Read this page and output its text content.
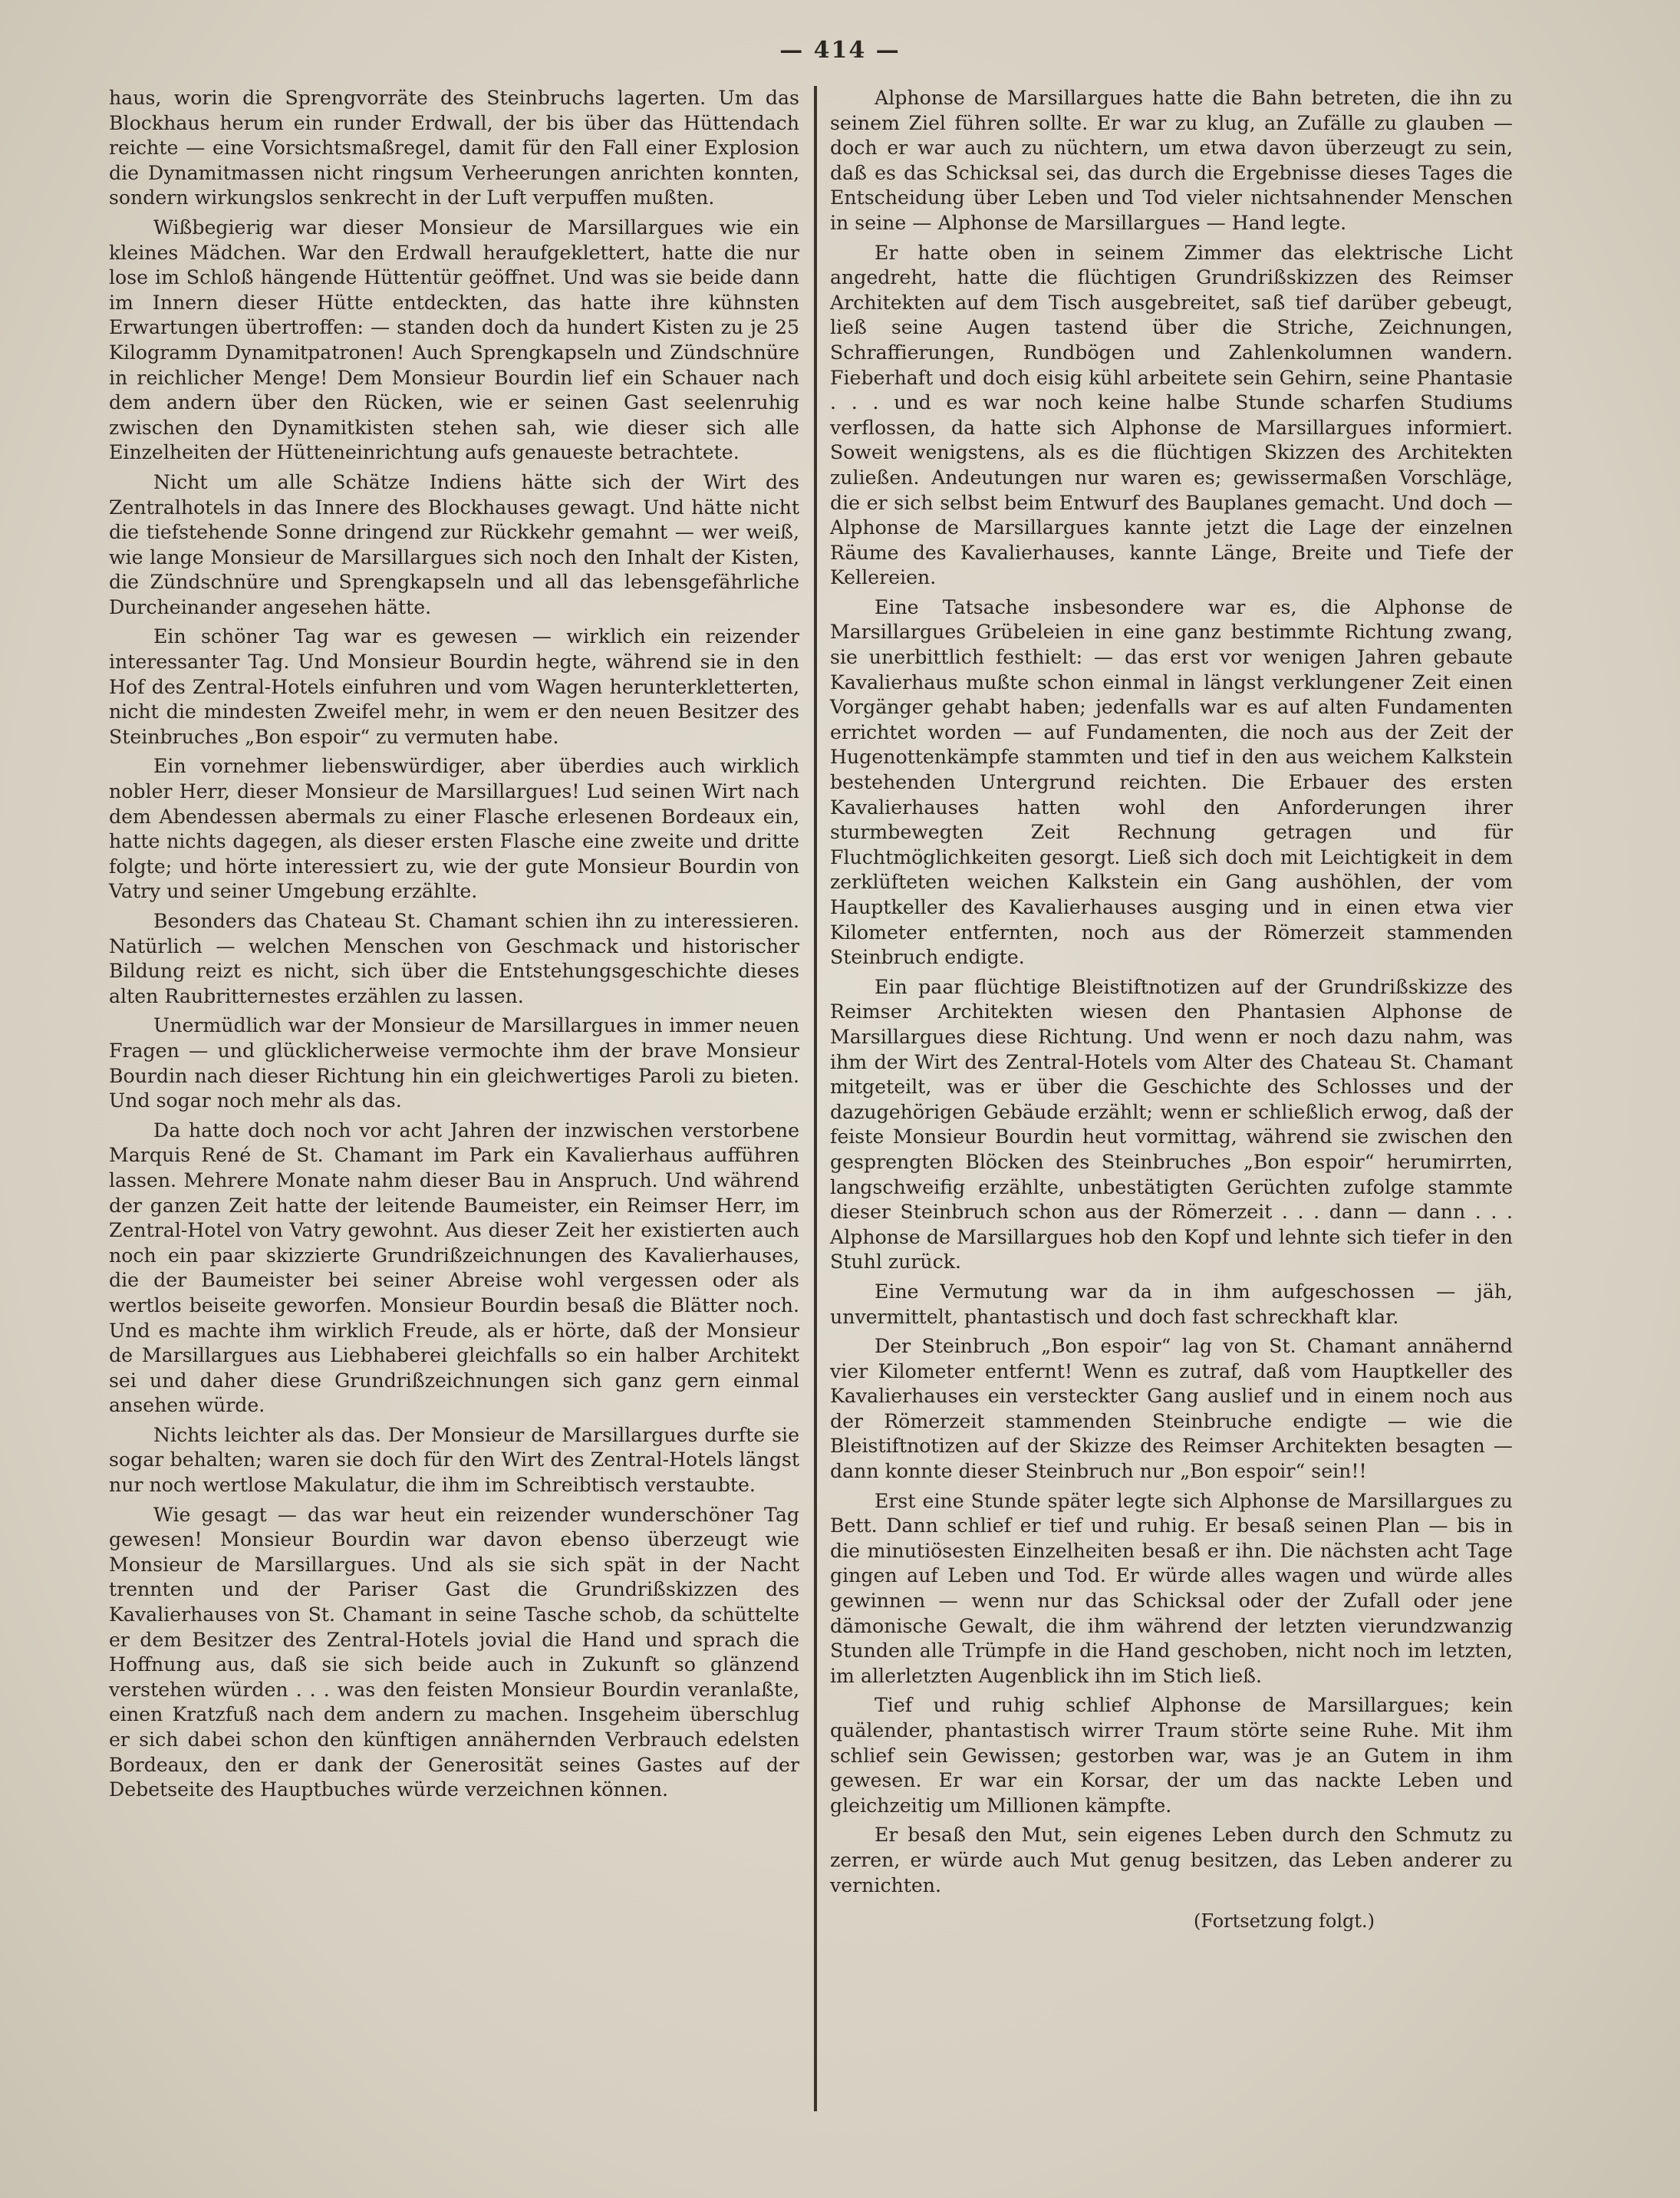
— 414 —

haus, worin die Sprengvorräte des Steinbruchs lagerten. Um das Blockhaus herum ein runder Erdwall, der bis über das Hüttendach reichte — eine Vorsichtsmaßregel, damit für den Fall einer Explosion die Dynamitmassen nicht ringsum Verheerungen anrichten konnten, sondern wirkungslos senkrecht in der Luft verpuffen mußten.

Wißbegierig war dieser Monsieur de Marsillargues wie ein kleines Mädchen. War den Erdwall heraufgeklettert, hatte die nur lose im Schloß hängende Hüttentür geöffnet. Und was sie beide dann im Innern dieser Hütte entdeckten, das hatte ihre kühnsten Erwartungen übertroffen: — standen doch da hundert Kisten zu je 25 Kilogramm Dynamitpatronen! Auch Sprengkapseln und Zündschnüre in reichlicher Menge! Dem Monsieur Bourdin lief ein Schauer nach dem andern über den Rücken, wie er seinen Gast seelenruhig zwischen den Dynamitkisten stehen sah, wie dieser sich alle Einzelheiten der Hütteneinrichtung aufs genaueste betrachtete.

Nicht um alle Schätze Indiens hätte sich der Wirt des Zentralhotels in das Innere des Blockhauses gewagt. Und hätte nicht die tiefstehende Sonne dringend zur Rückkehr gemahnt — wer weiß, wie lange Monsieur de Marsillargues sich noch den Inhalt der Kisten, die Zündschnüre und Sprengkapseln und all das lebensgefährliche Durcheinander angesehen hätte.

Ein schöner Tag war es gewesen — wirklich ein reizender interessanter Tag. Und Monsieur Bourdin hegte, während sie in den Hof des Zentral-Hotels einfuhren und vom Wagen herunterkletterten, nicht die mindesten Zweifel mehr, in wem er den neuen Besitzer des Steinbruches „Bon espoir“ zu vermuten habe.

Ein vornehmer liebenswürdiger, aber überdies auch wirklich nobler Herr, dieser Monsieur de Marsillargues! Lud seinen Wirt nach dem Abendessen abermals zu einer Flasche erlesenen Bordeaux ein, hatte nichts dagegen, als dieser ersten Flasche eine zweite und dritte folgte; und hörte interessiert zu, wie der gute Monsieur Bourdin von Vatry und seiner Umgebung erzählte.

Besonders das Chateau St. Chamant schien ihn zu interessieren. Natürlich — welchen Menschen von Geschmack und historischer Bildung reizt es nicht, sich über die Entstehungsgeschichte dieses alten Raubritternestes erzählen zu lassen.

Unermüdlich war der Monsieur de Marsillargues in immer neuen Fragen — und glücklicherweise vermochte ihm der brave Monsieur Bourdin nach dieser Richtung hin ein gleichwertiges Paroli zu bieten. Und sogar noch mehr als das.

Da hatte doch noch vor acht Jahren der inzwischen verstorbene Marquis René de St. Chamant im Park ein Kavalierhaus aufführen lassen. Mehrere Monate nahm dieser Bau in Anspruch. Und während der ganzen Zeit hatte der leitende Baumeister, ein Reimser Herr, im Zentral-Hotel von Vatry gewohnt. Aus dieser Zeit her existierten auch noch ein paar skizzierte Grundrißzeichnungen des Kavalierhauses, die der Baumeister bei seiner Abreise wohl vergessen oder als wertlos beiseite geworfen. Monsieur Bourdin besaß die Blätter noch. Und es machte ihm wirklich Freude, als er hörte, daß der Monsieur de Marsillargues aus Liebhaberei gleichfalls so ein halber Architekt sei und daher diese Grundrißzeichnungen sich ganz gern einmal ansehen würde.

Nichts leichter als das. Der Monsieur de Marsillargues durfte sie sogar behalten; waren sie doch für den Wirt des Zentral-Hotels längst nur noch wertlose Makulatur, die ihm im Schreibtisch verstaubte.

Wie gesagt — das war heut ein reizender wunderschöner Tag gewesen! Monsieur Bourdin war davon ebenso überzeugt wie Monsieur de Marsillargues. Und als sie sich spät in der Nacht trennten und der Pariser Gast die Grundrißskizzen des Kavalierhauses von St. Chamant in seine Tasche schob, da schüttelte er dem Besitzer des Zentral-Hotels jovial die Hand und sprach die Hoffnung aus, daß sie sich beide auch in Zukunft so glänzend verstehen würden . . . was den feisten Monsieur Bourdin veranlaßte, einen Kratzfuß nach dem andern zu machen. Insgeheim überschlug er sich dabei schon den künftigen annähernden Verbrauch edelsten Bordeaux, den er dank der Generosität seines Gastes auf der Debetseite des Hauptbuches würde verzeichnen können.

Alphonse de Marsillargues hatte die Bahn betreten, die ihn zu seinem Ziel führen sollte. Er war zu klug, an Zufälle zu glauben — doch er war auch zu nüchtern, um etwa davon überzeugt zu sein, daß es das Schicksal sei, das durch die Ergebnisse dieses Tages die Entscheidung über Leben und Tod vieler nichtsahnender Menschen in seine — Alphonse de Marsillargues — Hand legte.

Er hatte oben in seinem Zimmer das elektrische Licht angedreht, hatte die flüchtigen Grundrißskizzen des Reimser Architekten auf dem Tisch ausgebreitet, saß tief darüber gebeugt, ließ seine Augen tastend über die Striche, Zeichnungen, Schraffierungen, Rundbögen und Zahlenkolumnen wandern. Fieberhaft und doch eisig kühl arbeitete sein Gehirn, seine Phantasie . . . und es war noch keine halbe Stunde scharfen Studiums verflossen, da hatte sich Alphonse de Marsillargues informiert. Soweit wenigstens, als es die flüchtigen Skizzen des Architekten zuließen. Andeutungen nur waren es; gewissermaßen Vorschläge, die er sich selbst beim Entwurf des Bauplanes gemacht. Und doch — Alphonse de Marsillargues kannte jetzt die Lage der einzelnen Räume des Kavalierhauses, kannte Länge, Breite und Tiefe der Kellereien.

Eine Tatsache insbesondere war es, die Alphonse de Marsillargues Grübeleien in eine ganz bestimmte Richtung zwang, sie unerbittlich festhielt: — das erst vor wenigen Jahren gebaute Kavalierhaus mußte schon einmal in längst verklungener Zeit einen Vorgänger gehabt haben; jedenfalls war es auf alten Fundamenten errichtet worden — auf Fundamenten, die noch aus der Zeit der Hugenottenkämpfe stammten und tief in den aus weichem Kalkstein bestehenden Untergrund reichten. Die Erbauer des ersten Kavalierhauses hatten wohl den Anforderungen ihrer sturmbewegten Zeit Rechnung getragen und für Fluchtmöglichkeiten gesorgt. Ließ sich doch mit Leichtigkeit in dem zerklüfteten weichen Kalkstein ein Gang aushöhlen, der vom Hauptkeller des Kavalierhauses ausging und in einen etwa vier Kilometer entfernten, noch aus der Römerzeit stammenden Steinbruch endigte.

Ein paar flüchtige Bleistiftnotizen auf der Grundrißskizze des Reimser Architekten wiesen den Phantasien Alphonse de Marsillargues diese Richtung. Und wenn er noch dazu nahm, was ihm der Wirt des Zentral-Hotels vom Alter des Chateau St. Chamant mitgeteilt, was er über die Geschichte des Schlosses und der dazugehörigen Gebäude erzählt; wenn er schließlich erwog, daß der feiste Monsieur Bourdin heut vormittag, während sie zwischen den gesprengten Blöcken des Steinbruches „Bon espoir“ herumirrten, langschweifig erzählte, unbestätigten Gerüchten zufolge stammte dieser Steinbruch schon aus der Römerzeit . . . dann — dann . . . Alphonse de Marsillargues hob den Kopf und lehnte sich tiefer in den Stuhl zurück.

Eine Vermutung war da in ihm aufgeschossen — jäh, unvermittelt, phantastisch und doch fast schreckhaft klar.

Der Steinbruch „Bon espoir“ lag von St. Chamant annähernd vier Kilometer entfernt! Wenn es zutraf, daß vom Hauptkeller des Kavalierhauses ein versteckter Gang auslief und in einem noch aus der Römerzeit stammenden Steinbruche endigte — wie die Bleistiftnotizen auf der Skizze des Reimser Architekten besagten — dann konnte dieser Steinbruch nur „Bon espoir“ sein!!

Erst eine Stunde später legte sich Alphonse de Marsillargues zu Bett. Dann schlief er tief und ruhig. Er besaß seinen Plan — bis in die minutiösesten Einzelheiten besaß er ihn. Die nächsten acht Tage gingen auf Leben und Tod. Er würde alles wagen und würde alles gewinnen — wenn nur das Schicksal oder der Zufall oder jene dämonische Gewalt, die ihm während der letzten vierundzwanzig Stunden alle Trümpfe in die Hand geschoben, nicht noch im letzten, im allerletzten Augenblick ihn im Stich ließ.

Tief und ruhig schlief Alphonse de Marsillargues; kein quälender, phantastisch wirrer Traum störte seine Ruhe. Mit ihm schlief sein Gewissen; gestorben war, was je an Gutem in ihm gewesen. Er war ein Korsar, der um das nackte Leben und gleichzeitig um Millionen kämpfte.

Er besaß den Mut, sein eigenes Leben durch den Schmutz zu zerren, er würde auch Mut genug besitzen, das Leben anderer zu vernichten.

(Fortsetzung folgt.)
